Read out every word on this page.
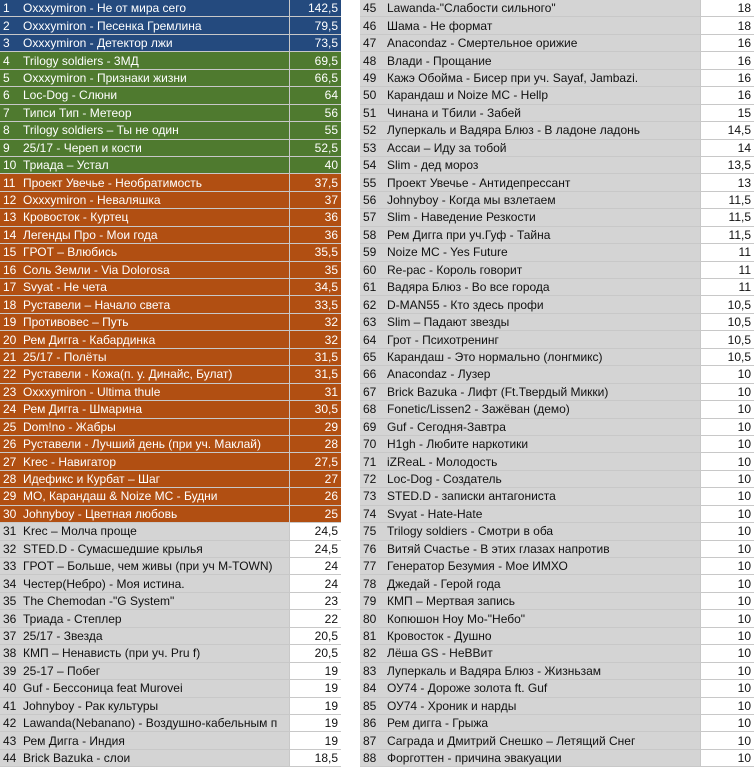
1	Oxxxymiron - Не от мира сего	142,5
2	Oxxxymiron - Песенка Гремлина	79,5
3	Oxxxymiron - Детектор лжи	73,5
4	Trilogy soldiers - 3МД	69,5
5	Oxxxymiron - Признаки жизни	66,5
6	Loc-Dog - Слюни	64
7	Типси Тип - Метеор	56
8	Trilogy soldiers – Ты не один	55
9	25/17 - Череп и кости	52,5
10	Триада – Устал	40
11	Проект Увечье - Необратимость	37,5
12	Oxxxymiron - Неваляшка	37
13	Кровосток - Куртец	36
14	Легенды Про - Мои года	36
15	ГРОТ – Влюбись	35,5
16	Соль Земли - Via Dolorosa	35
17	Svyat - Не чета	34,5
18	Руставели – Начало света	33,5
19	Противовес – Путь	32
20	Рем Дигга - Кабардинка	32
21	25/17 - Полёты	31,5
22	Руставели - Кожа(п. у. Динайс, Булат)	31,5
23	Oxxxymiron - Ultima thule	31
24	Рем Дигга - Шмарина	30,5
25	Dom!no - Жабры	29
26	Руставели - Лучший день (при уч. Маклай)	28
27	Krec - Навигатор	27,5
28	Идефикс и Курбат – Шаг	27
29	МО, Карандаш & Noize MC - Будни	26
30	Johnyboy - Цветная любовь	25
31	Krec – Молча проще	24,5
32	STED.D - Сумасшедшие крылья	24,5
33	ГРОТ – Больше, чем живы (при уч M-TOWN)	24
34	Честер(Небро) - Моя истина.	24
35	The Chemodan -"G System"	23
36	Триада - Степлер	22
37	25/17 - Звезда	20,5
38	КМП – Ненависть (при уч. Pru f)	20,5
39	25-17 – Побег	19
40	Guf - Бессоница feat Murovei	19
41	Johnyboy - Рак культуры	19
42	Lawanda(Nebanano) - Воздушно-кабельным п	19
43	Рем Дигга - Индия	19
44	Brick Bazuka - слои	18,5
45	Lawanda-"Слабости сильного"	18
46	Шама - Не формат	18
47	Anacondaz - Смертельное орижие	16
48	Влади - Прощание	16
49	Кажэ Обойма - Бисер при уч. Sayaf, Jambazi.	16
50	Карандаш и Noize MC - Hellp	16
51	Чинана и Тбили - Забей	15
52	Луперкаль и Вадяра Блюз - В ладоне ладонь	14,5
53	Ассаи – Иду за тобой	14
54	Slim - дед мороз	13,5
55	Проект Увечье - Антидепрессант	13
56	Johnyboy - Когда мы взлетаем	11,5
57	Slim - Наведение Резкости	11,5
58	Рем Дигга при уч.Гуф - Тайна	11,5
59	Noize MC - Yes Future	11
60	Re-pac - Король говорит	11
61	Вадяра Блюз - Во все города	11
62	D-MAN55 - Кто здесь профи	10,5
63	Slim – Падают звезды	10,5
64	Грот - Психотренинг	10,5
65	Карандаш - Это нормально (лонгмикс)	10,5
66	Anacondaz - Лузер	10
67	Brick Bazuka - Лифт (Ft.Твердый Микки)	10
68	Fonetic/Lissen2 - Зажёван (демо)	10
69	Guf - Сегодня-Завтра	10
70	H1gh - Любите наркотики	10
71	iZReaL - Молодость	10
72	Loc-Dog - Создатель	10
73	STED.D - записки антагониста	10
74	Svyat - Hate-Hate	10
75	Trilogy soldiers - Смотри в оба	10
76	Витяй Счастье - В этих глазах напротив	10
77	Генератор Безумия - Мое ИМХО	10
78	Джедай - Герой года	10
79	КМП – Мертвая запись	10
80	Копюшон Ноу Мо-"Небо"	10
81	Кровосток - Душно	10
82	Лёша GS - НеВВит	10
83	Луперкаль и Вадяра Блюз - Жизньзам	10
84	ОУ74 - Дороже золота ft. Guf	10
85	ОУ74 - Хроник и нарды	10
86	Рем дигга - Грыжа	10
87	Саграда и Дмитрий Снешко – Летящий Снег	10
88	Форготтен - причина эвакуации	10
